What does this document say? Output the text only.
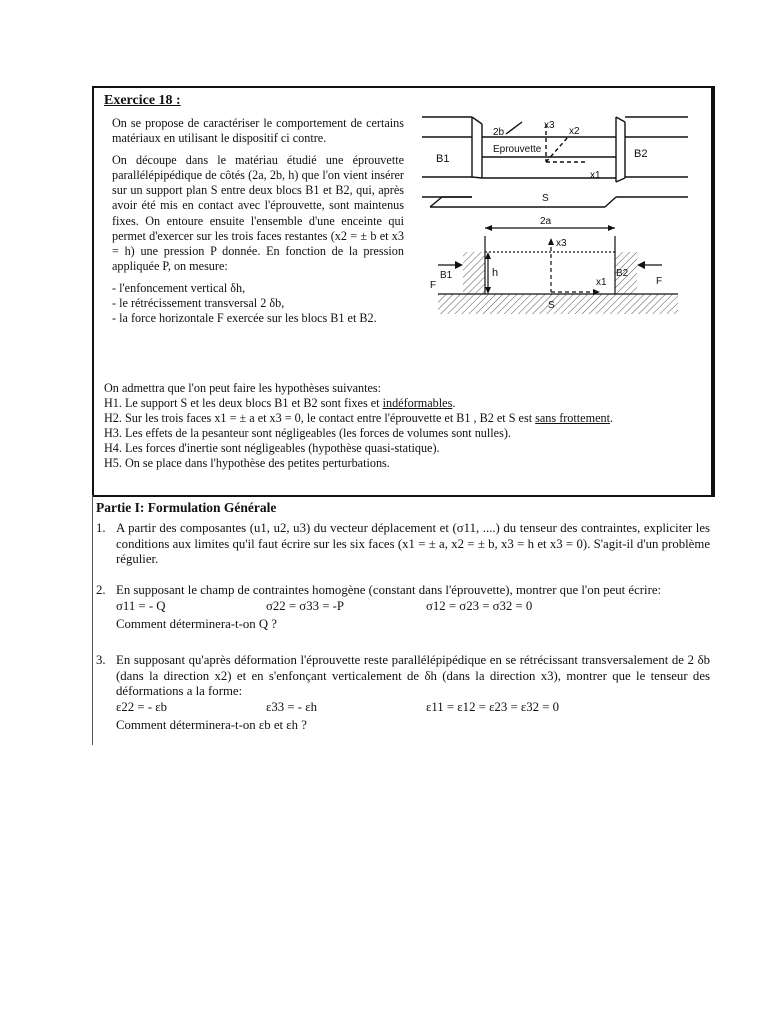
Exercice 18 :

On se propose de caractériser le comportement de certains matériaux en utilisant le dispositif ci contre.

On découpe dans le matériau étudié une éprouvette parallélépipédique de côtés (2a, 2b, h) que l'on vient insérer sur un support plan S entre deux blocs B1 et B2, qui, après avoir été mis en contact avec l'éprouvette, sont maintenus fixes. On entoure ensuite l'ensemble d'une enceinte qui permet d'exercer sur les trois faces restantes (x2 = ± b et x3 = h) une pression P donnée. En fonction de la pression appliquée P, on mesure:

- l'enfoncement vertical δh,
- le rétrécissement transversal 2 δb,
- la force horizontale F exercée sur les blocs B1 et B2.
B1	B2
S
Eprouvette
2b
x3
x2
x1
2a
x3
h
B1	B2
S
F	F
x1
On admettra que l'on peut faire les hypothèses suivantes:
H1. Le support S et les deux blocs B1 et B2 sont fixes et indéformables.
H2. Sur les trois faces x1 = ± a et x3 = 0, le contact entre l'éprouvette et B1 , B2 et S est sans frottement.
H3. Les effets de la pesanteur sont négligeables (les forces de volumes sont nulles).
H4. Les forces d'inertie sont négligeables (hypothèse quasi-statique).
H5. On se place dans l'hypothèse des petites perturbations.
Partie I: Formulation Générale
1. A partir des composantes (u1, u2, u3) du vecteur déplacement et (σ11, ....) du tenseur des contraintes, expliciter les conditions aux limites qu'il faut écrire sur les six faces (x1 = ± a, x2 = ± b, x3 = h et x3 = 0). S'agit-il d'un problème régulier.
2. En supposant le champ de contraintes homogène (constant dans l'éprouvette), montrer que l'on peut écrire:
σ11 = - Q	σ22 = σ33 = -P	σ12 = σ23 = σ32 = 0
Comment déterminera-t-on Q ?
3. En supposant qu'après déformation l'éprouvette reste parallélépipédique en se rétrécissant transversalement de 2 δb (dans la direction x2) et en s'enfonçant verticalement de δh (dans la direction x3), montrer que le tenseur des déformations a la forme:
ε22 = - εb	ε33 = - εh	ε11 = ε12 = ε23 = ε32 = 0
Comment déterminera-t-on εb et εh ?
